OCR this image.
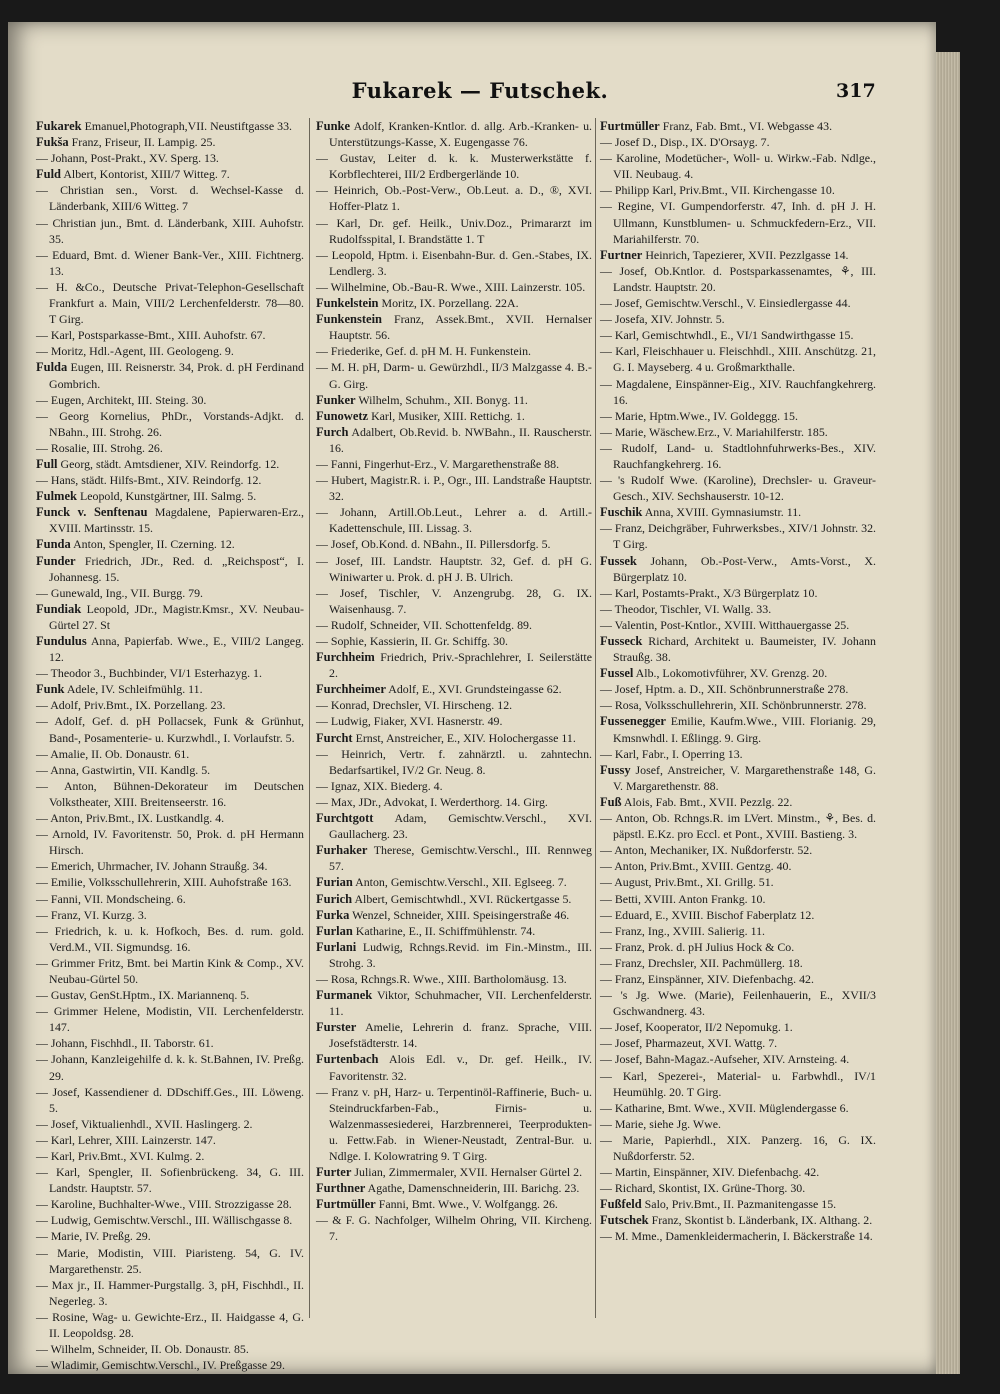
Fukarek — Futschek.	317

Fukarek Emanuel,Photograph,VII. Neustiftgasse 33.

Fukša Franz, Friseur, II. Lampig. 25.

— Johann, Post-Prakt., XV. Sperg. 13.

Fuld Albert, Kontorist, XIII/7 Witteg. 7.

— Christian sen., Vorst. d. Wechsel-Kasse d. Länderbank, XIII/6 Witteg. 7

— Christian jun., Bmt. d. Länderbank, XIII. Auhofstr. 35.

— Eduard, Bmt. d. Wiener Bank-Ver., XIII. Fichtnerg. 13.

— H. &Co., Deutsche Privat-Telephon-Gesellschaft Frankfurt a. Main, VIII/2 Lerchenfelderstr. 78—80. T Girg.

— Karl, Postsparkasse-Bmt., XIII. Auhofstr. 67.

— Moritz, Hdl.-Agent, III. Geologeng. 9.

Fulda Eugen, III. Reisnerstr. 34, Prok. d. pH Ferdinand Gombrich.

— Eugen, Architekt, III. Steing. 30.

— Georg Kornelius, PhDr., Vorstands-Adjkt. d. NBahn., III. Strohg. 26.

— Rosalie, III. Strohg. 26.

Full Georg, städt. Amtsdiener, XIV. Reindorfg. 12.

— Hans, städt. Hilfs-Bmt., XIV. Reindorfg. 12.

Fulmek Leopold, Kunstgärtner, III. Salmg. 5.

Funck v. Senftenau Magdalene, Papierwaren-Erz., XVIII. Martinsstr. 15.

Funda Anton, Spengler, II. Czerning. 12.

Funder Friedrich, JDr., Red. d. „Reichspost“, I. Johannesg. 15.

— Gunewald, Ing., VII. Burgg. 79.

Fundiak Leopold, JDr., Magistr.Kmsr., XV. Neubau-Gürtel 27. St

Fundulus Anna, Papierfab. Wwe., E., VIII/2 Langeg. 12.

— Theodor 3., Buchbinder, VI/1 Esterhazyg. 1.

Funk Adele, IV. Schleifmühlg. 11.

— Adolf, Priv.Bmt., IX. Porzellang. 23.

— Adolf, Gef. d. pH Pollacsek, Funk & Grünhut, Band-, Posamenterie- u. Kurzwhdl., I. Vorlaufstr. 5.

— Amalie, II. Ob. Donaustr. 61.

— Anna, Gastwirtin, VII. Kandlg. 5.

— Anton, Bühnen-Dekorateur im Deutschen Volkstheater, XIII. Breitenseerstr. 16.

— Anton, Priv.Bmt., IX. Lustkandlg. 4.

— Arnold, IV. Favoritenstr. 50, Prok. d. pH Hermann Hirsch.

— Emerich, Uhrmacher, IV. Johann Straußg. 34.

— Emilie, Volksschullehrerin, XIII. Auhofstraße 163.

— Fanni, VII. Mondscheing. 6.

— Franz, VI. Kurzg. 3.

— Friedrich, k. u. k. Hofkoch, Bes. d. rum. gold. Verd.M., VII. Sigmundsg. 16.

— Grimmer Fritz, Bmt. bei Martin Kink & Comp., XV. Neubau-Gürtel 50.

— Gustav, GenSt.Hptm., IX. Mariannenq. 5.

— Grimmer Helene, Modistin, VII. Lerchenfelderstr. 147.

— Johann, Fischhdl., II. Taborstr. 61.

— Johann, Kanzleigehilfe d. k. k. St.Bahnen, IV. Preßg. 29.

— Josef, Kassendiener d. DDschiff.Ges., III. Löweng. 5.

— Josef, Viktualienhdl., XVII. Haslingerg. 2.

— Karl, Lehrer, XIII. Lainzerstr. 147.

— Karl, Priv.Bmt., XVI. Kulmg. 2.

— Karl, Spengler, II. Sofienbrückeng. 34, G. III. Landstr. Hauptstr. 57.

— Karoline, Buchhalter-Wwe., VIII. Strozzigasse 28.

— Ludwig, Gemischtw.Verschl., III. Wällischgasse 8.

— Marie, IV. Preßg. 29.

— Marie, Modistin, VIII. Piaristeng. 54, G. IV. Margarethenstr. 25.

— Max jr., II. Hammer-Purgstallg. 3, pH, Fischhdl., II. Negerleg. 3.

— Rosine, Wag- u. Gewichte-Erz., II. Haidgasse 4, G. II. Leopoldsg. 28.

— Wilhelm, Schneider, II. Ob. Donaustr. 85.

— Wladimir, Gemischtw.Verschl., IV. Preßgasse 29.

Funke Adolf, Kranken-Kntlor. d. allg. Arb.-Kranken- u. Unterstützungs-Kasse, X. Eugengasse 76.

— Gustav, Leiter d. k. k. Musterwerkstätte f. Korbflechterei, III/2 Erdbergerlände 10.

— Heinrich, Ob.-Post-Verw., Ob.Leut. a. D., ®, XVI. Hoffer-Platz 1.

— Karl, Dr. gef. Heilk., Univ.Doz., Primararzt im Rudolfsspital, I. Brandstätte 1. T

— Leopold, Hptm. i. Eisenbahn-Bur. d. Gen.-Stabes, IX. Lendlerg. 3.

— Wilhelmine, Ob.-Bau-R. Wwe., XIII. Lainzerstr. 105.

Funkelstein Moritz, IX. Porzellang. 22A.

Funkenstein Franz, Assek.Bmt., XVII. Hernalser Hauptstr. 56.

— Friederike, Gef. d. pH M. H. Funkenstein.

— M. H. pH, Darm- u. Gewürzhdl., II/3 Malzgasse 4. B.-G. Girg.

Funker Wilhelm, Schuhm., XII. Bonyg. 11.

Funowetz Karl, Musiker, XIII. Rettichg. 1.

Furch Adalbert, Ob.Revid. b. NWBahn., II. Rauscherstr. 16.

— Fanni, Fingerhut-Erz., V. Margarethenstraße 88.

— Hubert, Magistr.R. i. P., Ogr., III. Landstraße Hauptstr. 32.

— Johann, Artill.Ob.Leut., Lehrer a. d. Artill.-Kadettenschule, III. Lissag. 3.

— Josef, Ob.Kond. d. NBahn., II. Pillersdorfg. 5.

— Josef, III. Landstr. Hauptstr. 32, Gef. d. pH G. Winiwarter u. Prok. d. pH J. B. Ulrich.

— Josef, Tischler, V. Anzengrubg. 28, G. IX. Waisenhausg. 7.

— Rudolf, Schneider, VII. Schottenfeldg. 89.

— Sophie, Kassierin, II. Gr. Schiffg. 30.

Furchheim Friedrich, Priv.-Sprachlehrer, I. Seilerstätte 2.

Furchheimer Adolf, E., XVI. Grundsteingasse 62.

— Konrad, Drechsler, VI. Hirscheng. 12.

— Ludwig, Fiaker, XVI. Hasnerstr. 49.

Furcht Ernst, Anstreicher, E., XIV. Holochergasse 11.

— Heinrich, Vertr. f. zahnärztl. u. zahntechn. Bedarfsartikel, IV/2 Gr. Neug. 8.

— Ignaz, XIX. Biederg. 4.

— Max, JDr., Advokat, I. Werderthorg. 14. Girg.

Furchtgott Adam, Gemischtw.Verschl., XVI. Gaullacherg. 23.

Furhaker Therese, Gemischtw.Verschl., III. Rennweg 57.

Furian Anton, Gemischtw.Verschl., XII. Eglseeg. 7.

Furich Albert, Gemischtwhdl., XVI. Rückertgasse 5.

Furka Wenzel, Schneider, XIII. Speisingerstraße 46.

Furlan Katharine, E., II. Schiffmühlenstr. 74.

Furlani Ludwig, Rchngs.Revid. im Fin.-Minstm., III. Strohg. 3.

— Rosa, Rchngs.R. Wwe., XIII. Bartholomäusg. 13.

Furmanek Viktor, Schuhmacher, VII. Lerchenfelderstr. 11.

Furster Amelie, Lehrerin d. franz. Sprache, VIII. Josefstädterstr. 14.

Furtenbach Alois Edl. v., Dr. gef. Heilk., IV. Favoritenstr. 32.

— Franz v. pH, Harz- u. Terpentinöl-Raffinerie, Buch- u. Steindruckfarben-Fab., Firnis- u. Walzenmassesiederei, Harzbrennerei, Teerprodukten- u. Fettw.Fab. in Wiener-Neustadt, Zentral-Bur. u. Ndlge. I. Kolowratring 9. T Girg.

Furter Julian, Zimmermaler, XVII. Hernalser Gürtel 2.

Furthner Agathe, Damenschneiderin, III. Barichg. 23.

Furtmüller Fanni, Bmt. Wwe., V. Wolfgangg. 26.

— & F. G. Nachfolger, Wilhelm Ohring, VII. Kircheng. 7.

Furtmüller Franz, Fab. Bmt., VI. Webgasse 43.

— Josef D., Disp., IX. D'Orsayg. 7.

— Karoline, Modetücher-, Woll- u. Wirkw.-Fab. Ndlge., VII. Neubaug. 4.

— Philipp Karl, Priv.Bmt., VII. Kirchengasse 10.

— Regine, VI. Gumpendorferstr. 47, Inh. d. pH J. H. Ullmann, Kunstblumen- u. Schmuckfedern-Erz., VII. Mariahilferstr. 70.

Furtner Heinrich, Tapezierer, XVII. Pezzlgasse 14.

— Josef, Ob.Kntlor. d. Postsparkassenamtes, ⚘, III. Landstr. Hauptstr. 20.

— Josef, Gemischtw.Verschl., V. Einsiedlergasse 44.

— Josefa, XIV. Johnstr. 5.

— Karl, Gemischtwhdl., E., VI/1 Sandwirthgasse 15.

— Karl, Fleischhauer u. Fleischhdl., XIII. Anschützg. 21, G. I. Mayseberg. 4 u. Großmarkthalle.

— Magdalene, Einspänner-Eig., XIV. Rauchfangkehrerg. 16.

— Marie, Hptm.Wwe., IV. Goldeggg. 15.

— Marie, Wäschew.Erz., V. Mariahilferstr. 185.

— Rudolf, Land- u. Stadtlohnfuhrwerks-Bes., XIV. Rauchfangkehrerg. 16.

— 's Rudolf Wwe. (Karoline), Drechsler- u. Graveur-Gesch., XIV. Sechshauserstr. 10-12.

Fuschik Anna, XVIII. Gymnasiumstr. 11.

— Franz, Deichgräber, Fuhrwerksbes., XIV/1 Johnstr. 32. T Girg.

Fussek Johann, Ob.-Post-Verw., Amts-Vorst., X. Bürgerplatz 10.

— Karl, Postamts-Prakt., X/3 Bürgerplatz 10.

— Theodor, Tischler, VI. Wallg. 33.

— Valentin, Post-Kntlor., XVIII. Witthauergasse 25.

Fusseck Richard, Architekt u. Baumeister, IV. Johann Straußg. 38.

Fussel Alb., Lokomotivführer, XV. Grenzg. 20.

— Josef, Hptm. a. D., XII. Schönbrunnerstraße 278.

— Rosa, Volksschullehrerin, XII. Schönbrunnerstr. 278.

Fussenegger Emilie, Kaufm.Wwe., VIII. Florianig. 29, Kmsnwhdl. I. Eßlingg. 9. Girg.

— Karl, Fabr., I. Operring 13.

Fussy Josef, Anstreicher, V. Margarethenstraße 148, G. V. Margarethenstr. 88.

Fuß Alois, Fab. Bmt., XVII. Pezzlg. 22.

— Anton, Ob. Rchngs.R. im LVert. Minstm., ⚘, Bes. d. päpstl. E.Kz. pro Eccl. et Pont., XVIII. Bastieng. 3.

— Anton, Mechaniker, IX. Nußdorferstr. 52.

— Anton, Priv.Bmt., XVIII. Gentzg. 40.

— August, Priv.Bmt., XI. Grillg. 51.

— Betti, XVIII. Anton Frankg. 10.

— Eduard, E., XVIII. Bischof Faberplatz 12.

— Franz, Ing., XVIII. Salierig. 11.

— Franz, Prok. d. pH Julius Hock & Co.

— Franz, Drechsler, XII. Pachmüllerg. 18.

— Franz, Einspänner, XIV. Diefenbachg. 42.

— 's Jg. Wwe. (Marie), Feilenhauerin, E., XVII/3 Gschwandnerg. 43.

— Josef, Kooperator, II/2 Nepomukg. 1.

— Josef, Pharmazeut, XVI. Wattg. 7.

— Josef, Bahn-Magaz.-Aufseher, XIV. Arnsteing. 4.

— Karl, Spezerei-, Material- u. Farbwhdl., IV/1 Heumühlg. 20. T Girg.

— Katharine, Bmt. Wwe., XVII. Müglendergasse 6.

— Marie, siehe Jg. Wwe.

— Marie, Papierhdl., XIX. Panzerg. 16, G. IX. Nußdorferstr. 52.

— Martin, Einspänner, XIV. Diefenbachg. 42.

— Richard, Skontist, IX. Grüne-Thorg. 30.

Fußfeld Salo, Priv.Bmt., II. Pazmanitengasse 15.

Futschek Franz, Skontist b. Länderbank, IX. Althang. 2.

— M. Mme., Damenkleidermacherin, I. Bäckerstraße 14.
